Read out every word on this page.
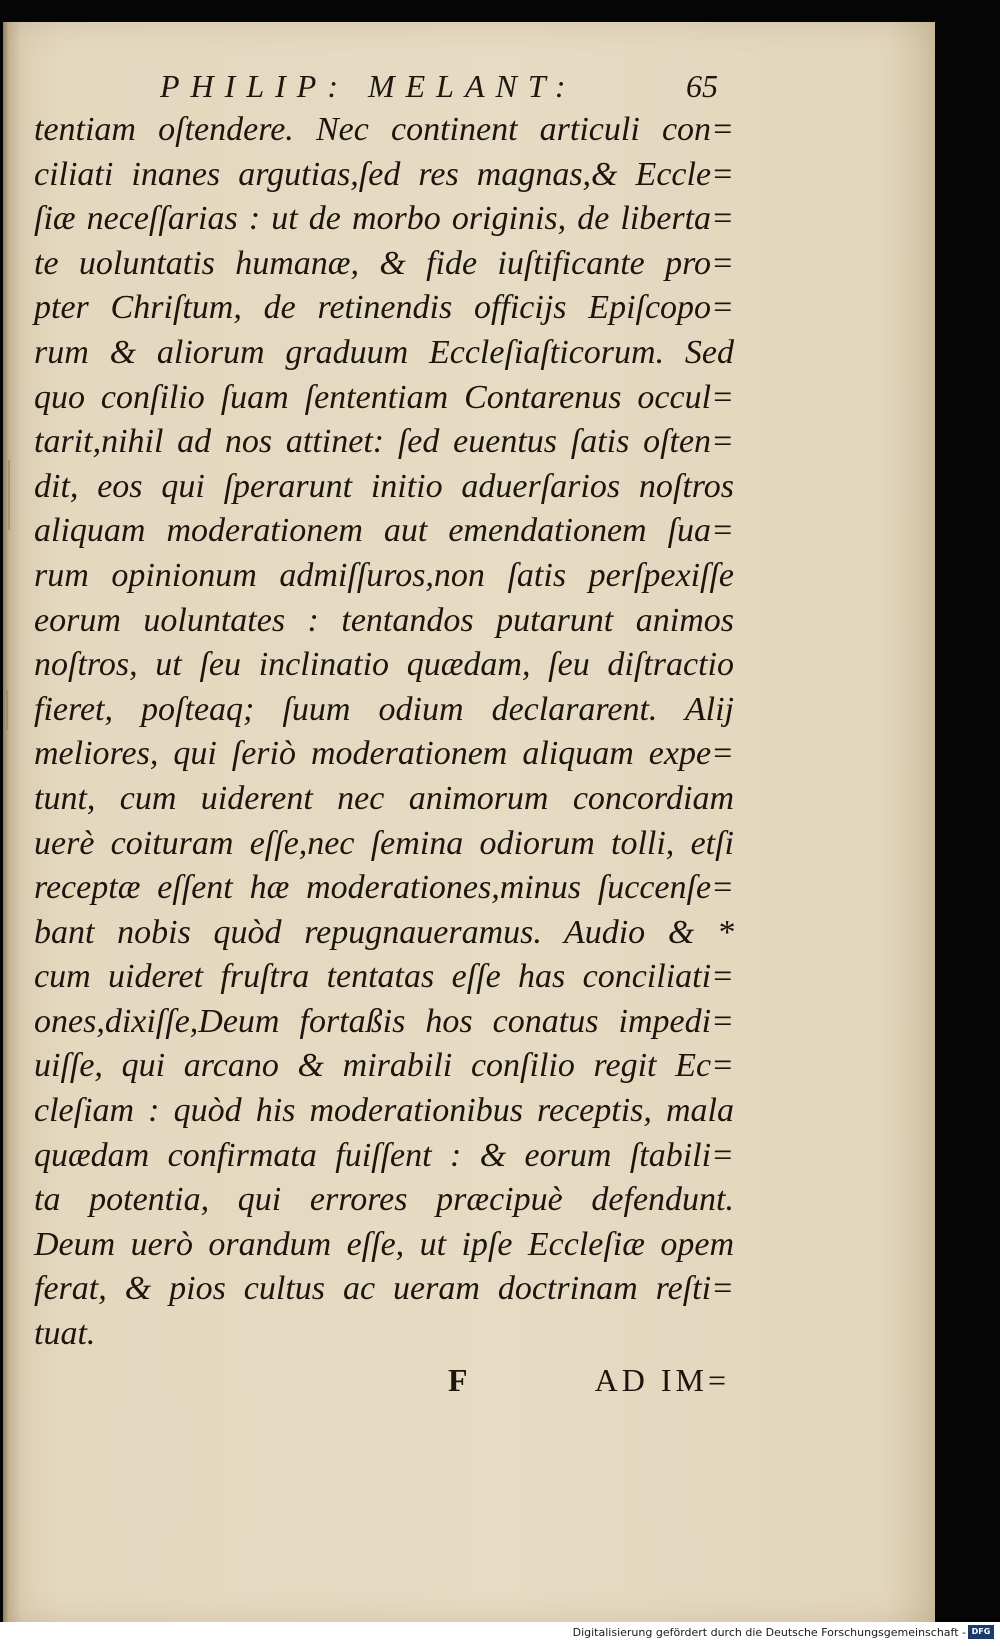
PHILIP: MELANT:	65
tentiam oſtendere. Nec continent articuli con=
ciliati inanes argutias,ſed res magnas,& Eccle=
ſiæ neceſſarias : ut de morbo originis, de liberta=
te uoluntatis humanæ, & fide iuſtificante pro=
pter Chriſtum, de retinendis officijs Epiſcopo=
rum & aliorum graduum Eccleſiaſticorum. Sed
quo conſilio ſuam ſententiam Contarenus occul=
tarit,nihil ad nos attinet: ſed euentus ſatis oſten=
dit, eos qui ſperarunt initio aduerſarios noſtros
aliquam moderationem aut emendationem ſua=
rum opinionum admiſſuros,non ſatis perſpexiſſe
eorum uoluntates : tentandos putarunt animos
noſtros, ut ſeu inclinatio quædam, ſeu diſtractio
fieret, poſteaq; ſuum odium declararent. Alij
meliores, qui ſeriò moderationem aliquam expe=
tunt, cum uiderent nec animorum concordiam
uerè coituram eſſe,nec ſemina odiorum tolli, etſi
receptæ eſſent hæ moderationes,minus ſuccenſe=
bant nobis quòd repugnaueramus. Audio & *
cum uideret fruſtra tentatas eſſe has conciliati=
ones,dixiſſe,Deum fortaßis hos conatus impedi=
uiſſe, qui arcano & mirabili conſilio regit Ec=
cleſiam : quòd his moderationibus receptis, mala
quædam confirmata fuiſſent : & eorum ſtabili=
ta potentia, qui errores præcipuè defendunt.
Deum uerò orandum eſſe, ut ipſe Eccleſiæ opem
ferat, & pios cultus ac ueram doctrinam reſti=
tuat.
F	AD IM=
Digitalisierung gefördert durch die Deutsche Forschungsgemeinschaft - DFG
